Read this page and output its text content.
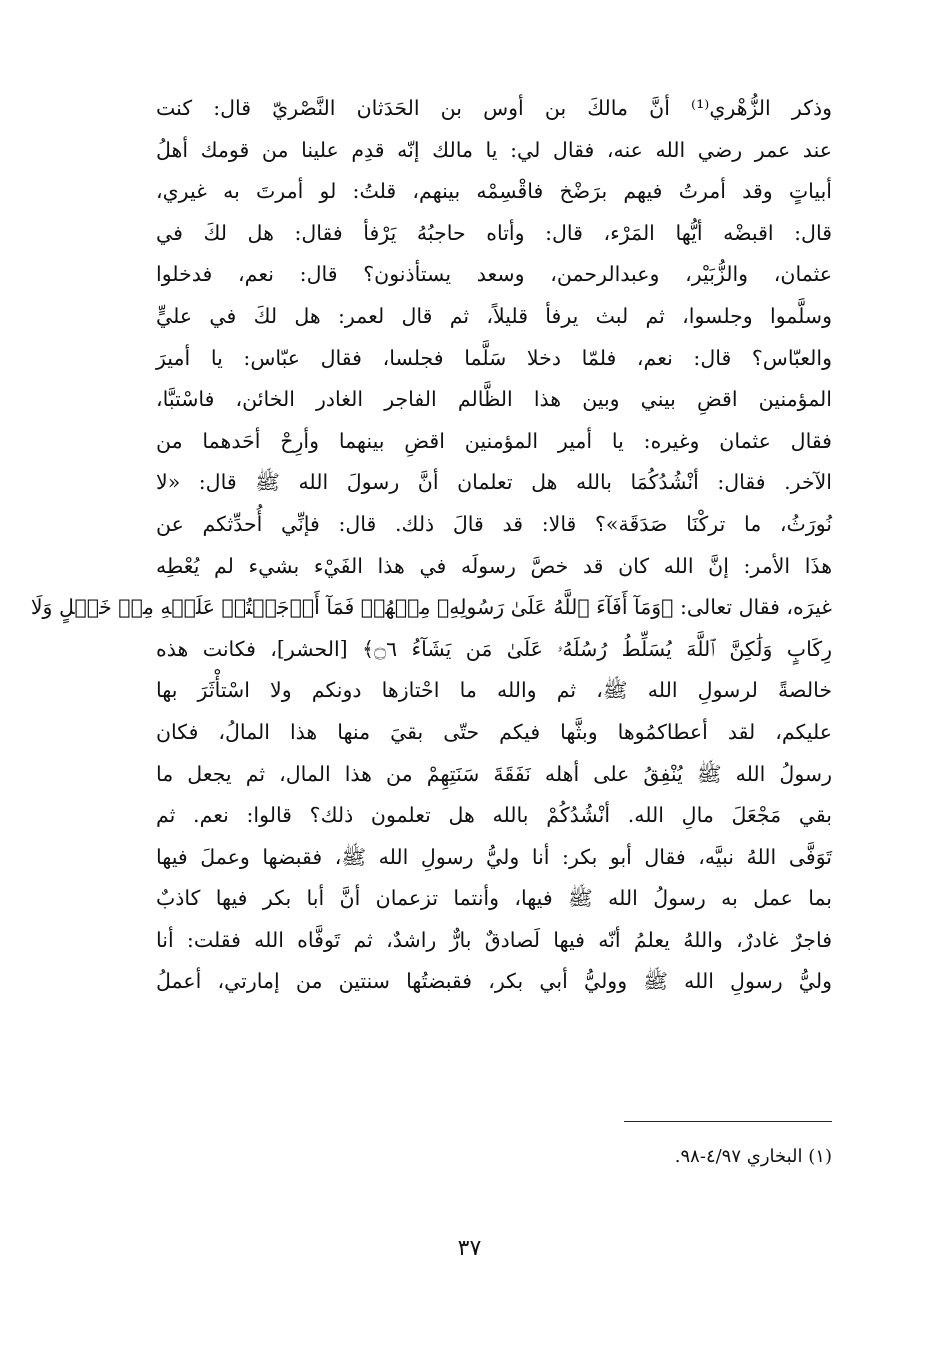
وذكر الزُّهْري⁽¹⁾ أنَّ مالكَ بن أوس بن الحَدَثان النَّصْريّ قال: كنت
عند عمر رضي الله عنه، فقال لي: يا مالك إنّه قدِم علينا من قومك أهلُ
أبياتٍ وقد أمرتُ فيهم برَضْخ فاقْسِمْه بينهم، قلتُ: لو أمرتَ به غيري،
قال: اقبضْه أيُّها المَرْء، قال: وأتاه حاجبُهُ يَرْفأ فقال: هل لكَ في
عثمان، والزُّبَيْر، وعبدالرحمن، وسعد يستأذنون؟ قال: نعم، فدخلوا
وسلَّموا وجلسوا، ثم لبث يرفأ قليلاً، ثم قال لعمر: هل لكَ في عليٍّ
والعبّاس؟ قال: نعم، فلمّا دخلا سَلَّما فجلسا، فقال عبّاس: يا أميرَ
المؤمنين اقضِ بيني وبين هذا الظَّالم الفاجر الغادر الخائن، فاسْتبَّا،
فقال عثمان وغيره: يا أمير المؤمنين اقضِ بينهما وأرِحْ أحَدهما من
الآخر. فقال: أنْشُدُكُمَا بالله هل تعلمان أنَّ رسولَ الله ﷺ قال: «لا
نُورَثُ، ما تركْنَا صَدَقَة»؟ قالا: قد قالَ ذلك. قال: فإنِّي أُحدِّثكم عن
هذَا الأمر: إنَّ الله كان قد خصَّ رسولَه في هذا الفَيْء بشيء لم يُعْطِه
غيرَه، فقال تعالى: ﴿وَمَآ أَفَآءَ ٱللَّهُ عَلَىٰ رَسُولِهِۦ مِنۡهُمۡ فَمَآ أَوۡجَفۡتُمۡ عَلَيۡهِ مِنۡ خَيۡلٍ وَلَا
رِكَابٍ وَلَٰكِنَّ ٱللَّهَ يُسَلِّطُ رُسُلَهُۥ عَلَىٰ مَن يَشَآءُ ۝٦﴾ [الحشر]، فكانت هذه
خالصةً لرسولِ الله ﷺ، ثم والله ما احْتازها دونكم ولا اسْتأْثَرَ بها
عليكم، لقد أعطاكمُوها وبثَّها فيكم حتّى بقيَ منها هذا المالُ، فكان
رسولُ الله ﷺ يُنْفِقُ على أهله نَفَقَةَ سَنَتِهِمْ من هذا المال، ثم يجعل ما
بقي مَجْعَلَ مالِ الله. أنْشُدُكُمْ بالله هل تعلمون ذلك؟ قالوا: نعم. ثم
تَوَفَّى اللهُ نبيَّه، فقال أبو بكر: أنا وليُّ رسولِ الله ﷺ، فقبضها وعملَ فيها
بما عمل به رسولُ الله ﷺ فيها، وأنتما تزعمان أنَّ أبا بكر فيها كاذبٌ
فاجرٌ غادرٌ، واللهُ يعلمُ أنّه فيها لَصادقٌ بارٌّ راشدٌ، ثم تَوفَّاه الله فقلت: أنا
وليُّ رسولِ الله ﷺ ووليُّ أبي بكر، فقبضتُها سنتين من إمارتي، أعملُ
(١) البخاري ٤/٩٧-٩٨.
٣٧
